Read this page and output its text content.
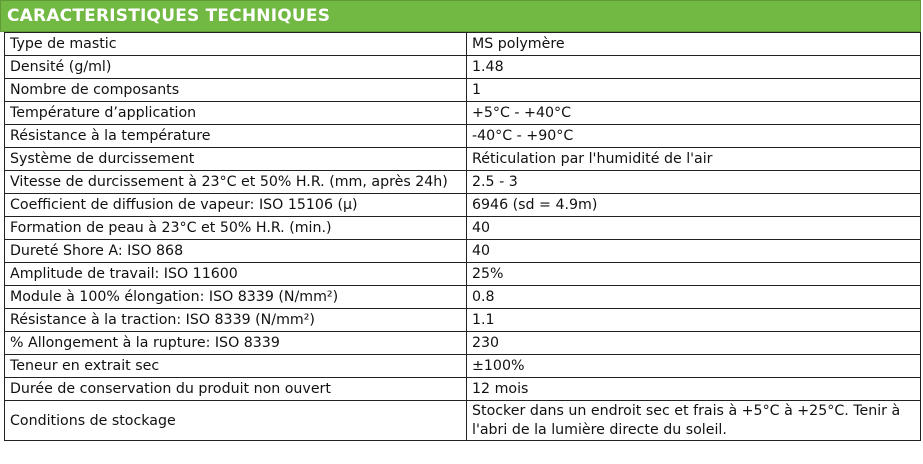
CARACTERISTIQUES TECHNIQUES
Type de mastic	MS polymère
Densité (g/ml)	1.48
Nombre de composants	1
Température d’application	+5°C - +40°C
Résistance à la température	-40°C - +90°C
Système de durcissement	Réticulation par l'humidité de l'air
Vitesse de durcissement à 23°C et 50% H.R. (mm, après 24h)	2.5 - 3
Coefficient de diffusion de vapeur: ISO 15106 (µ)	6946 (sd = 4.9m)
Formation de peau à 23°C et 50% H.R. (min.)	40
Dureté Shore A: ISO 868	40
Amplitude de travail: ISO 11600	25%
Module à 100% élongation: ISO 8339 (N/mm²)	0.8
Résistance à la traction: ISO 8339 (N/mm²)	1.1
% Allongement à la rupture: ISO 8339	230
Teneur en extrait sec	±100%
Durée de conservation du produit non ouvert	12 mois
Conditions de stockage	Stocker dans un endroit sec et frais à +5°C à +25°C. Tenir à l'abri de la lumière directe du soleil.
